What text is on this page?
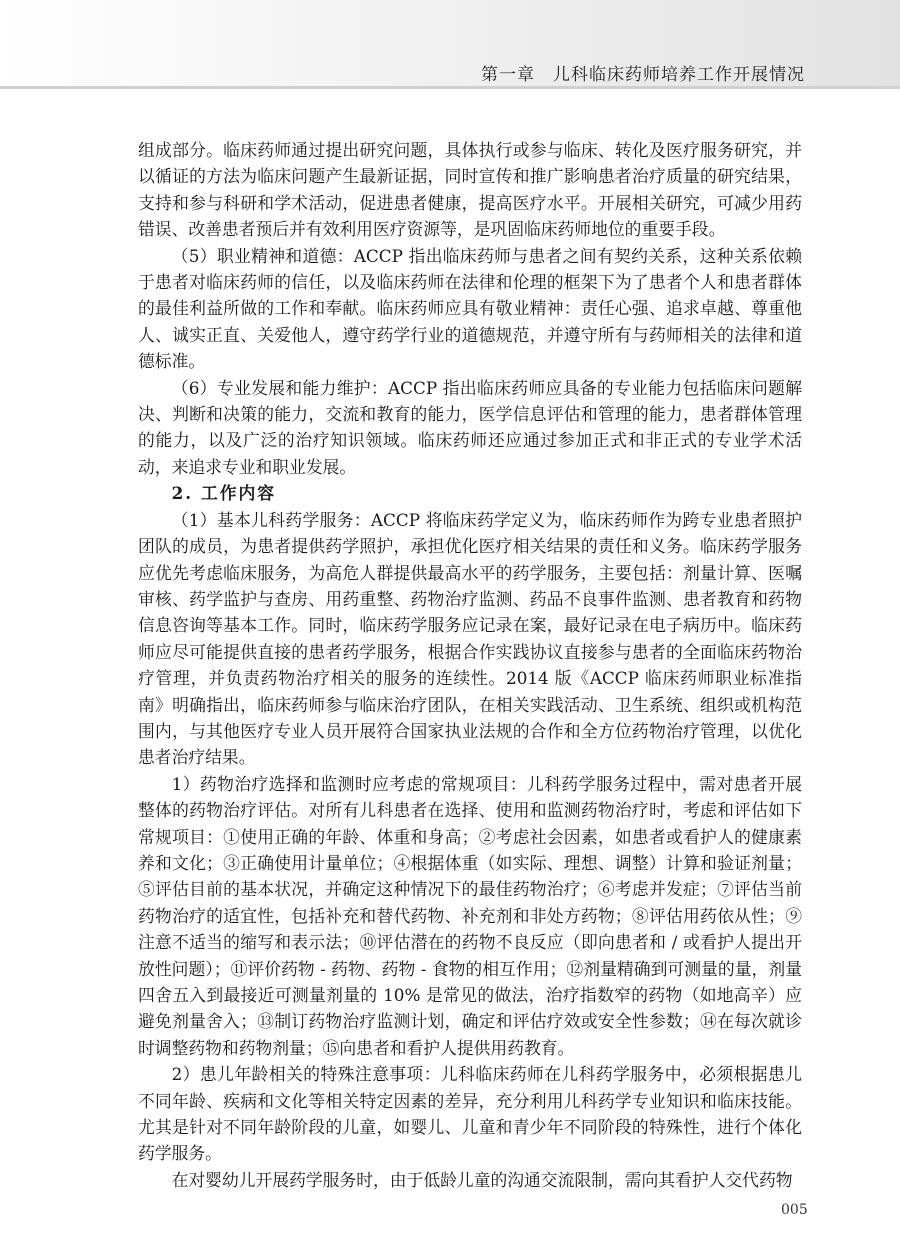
第一章　儿科临床药师培养工作开展情况

组成部分。临床药师通过提出研究问题，具体执行或参与临床、转化及医疗服务研究，并以循证的方法为临床问题产生最新证据，同时宣传和推广影响患者治疗质量的研究结果，支持和参与科研和学术活动，促进患者健康，提高医疗水平。开展相关研究，可减少用药错误、改善患者预后并有效利用医疗资源等，是巩固临床药师地位的重要手段。

（5）职业精神和道德：ACCP 指出临床药师与患者之间有契约关系，这种关系依赖于患者对临床药师的信任，以及临床药师在法律和伦理的框架下为了患者个人和患者群体的最佳利益所做的工作和奉献。临床药师应具有敬业精神：责任心强、追求卓越、尊重他人、诚实正直、关爱他人，遵守药学行业的道德规范，并遵守所有与药师相关的法律和道德标准。

（6）专业发展和能力维护：ACCP 指出临床药师应具备的专业能力包括临床问题解决、判断和决策的能力，交流和教育的能力，医学信息评估和管理的能力，患者群体管理的能力，以及广泛的治疗知识领域。临床药师还应通过参加正式和非正式的专业学术活动，来追求专业和职业发展。

2. 工作内容

（1）基本儿科药学服务：ACCP 将临床药学定义为，临床药师作为跨专业患者照护团队的成员，为患者提供药学照护，承担优化医疗相关结果的责任和义务。临床药学服务应优先考虑临床服务，为高危人群提供最高水平的药学服务，主要包括：剂量计算、医嘱审核、药学监护与查房、用药重整、药物治疗监测、药品不良事件监测、患者教育和药物信息咨询等基本工作。同时，临床药学服务应记录在案，最好记录在电子病历中。临床药师应尽可能提供直接的患者药学服务，根据合作实践协议直接参与患者的全面临床药物治疗管理，并负责药物治疗相关的服务的连续性。2014 版《ACCP 临床药师职业标准指南》明确指出，临床药师参与临床治疗团队，在相关实践活动、卫生系统、组织或机构范围内，与其他医疗专业人员开展符合国家执业法规的合作和全方位药物治疗管理，以优化患者治疗结果。

1）药物治疗选择和监测时应考虑的常规项目：儿科药学服务过程中，需对患者开展整体的药物治疗评估。对所有儿科患者在选择、使用和监测药物治疗时，考虑和评估如下常规项目：①使用正确的年龄、体重和身高；②考虑社会因素，如患者或看护人的健康素养和文化；③正确使用计量单位；④根据体重（如实际、理想、调整）计算和验证剂量；⑤评估目前的基本状况，并确定这种情况下的最佳药物治疗；⑥考虑并发症；⑦评估当前药物治疗的适宜性，包括补充和替代药物、补充剂和非处方药物；⑧评估用药依从性；⑨注意不适当的缩写和表示法；⑩评估潜在的药物不良反应（即向患者和 / 或看护人提出开放性问题）；⑪评价药物 - 药物、药物 - 食物的相互作用；⑫剂量精确到可测量的量，剂量四舍五入到最接近可测量剂量的 10% 是常见的做法，治疗指数窄的药物（如地高辛）应避免剂量舍入；⑬制订药物治疗监测计划，确定和评估疗效或安全性参数；⑭在每次就诊时调整药物和药物剂量；⑮向患者和看护人提供用药教育。

2）患儿年龄相关的特殊注意事项：儿科临床药师在儿科药学服务中，必须根据患儿不同年龄、疾病和文化等相关特定因素的差异，充分利用儿科药学专业知识和临床技能。尤其是针对不同年龄阶段的儿童，如婴儿、儿童和青少年不同阶段的特殊性，进行个体化药学服务。

在对婴幼儿开展药学服务时，由于低龄儿童的沟通交流限制，需向其看护人交代药物

005
